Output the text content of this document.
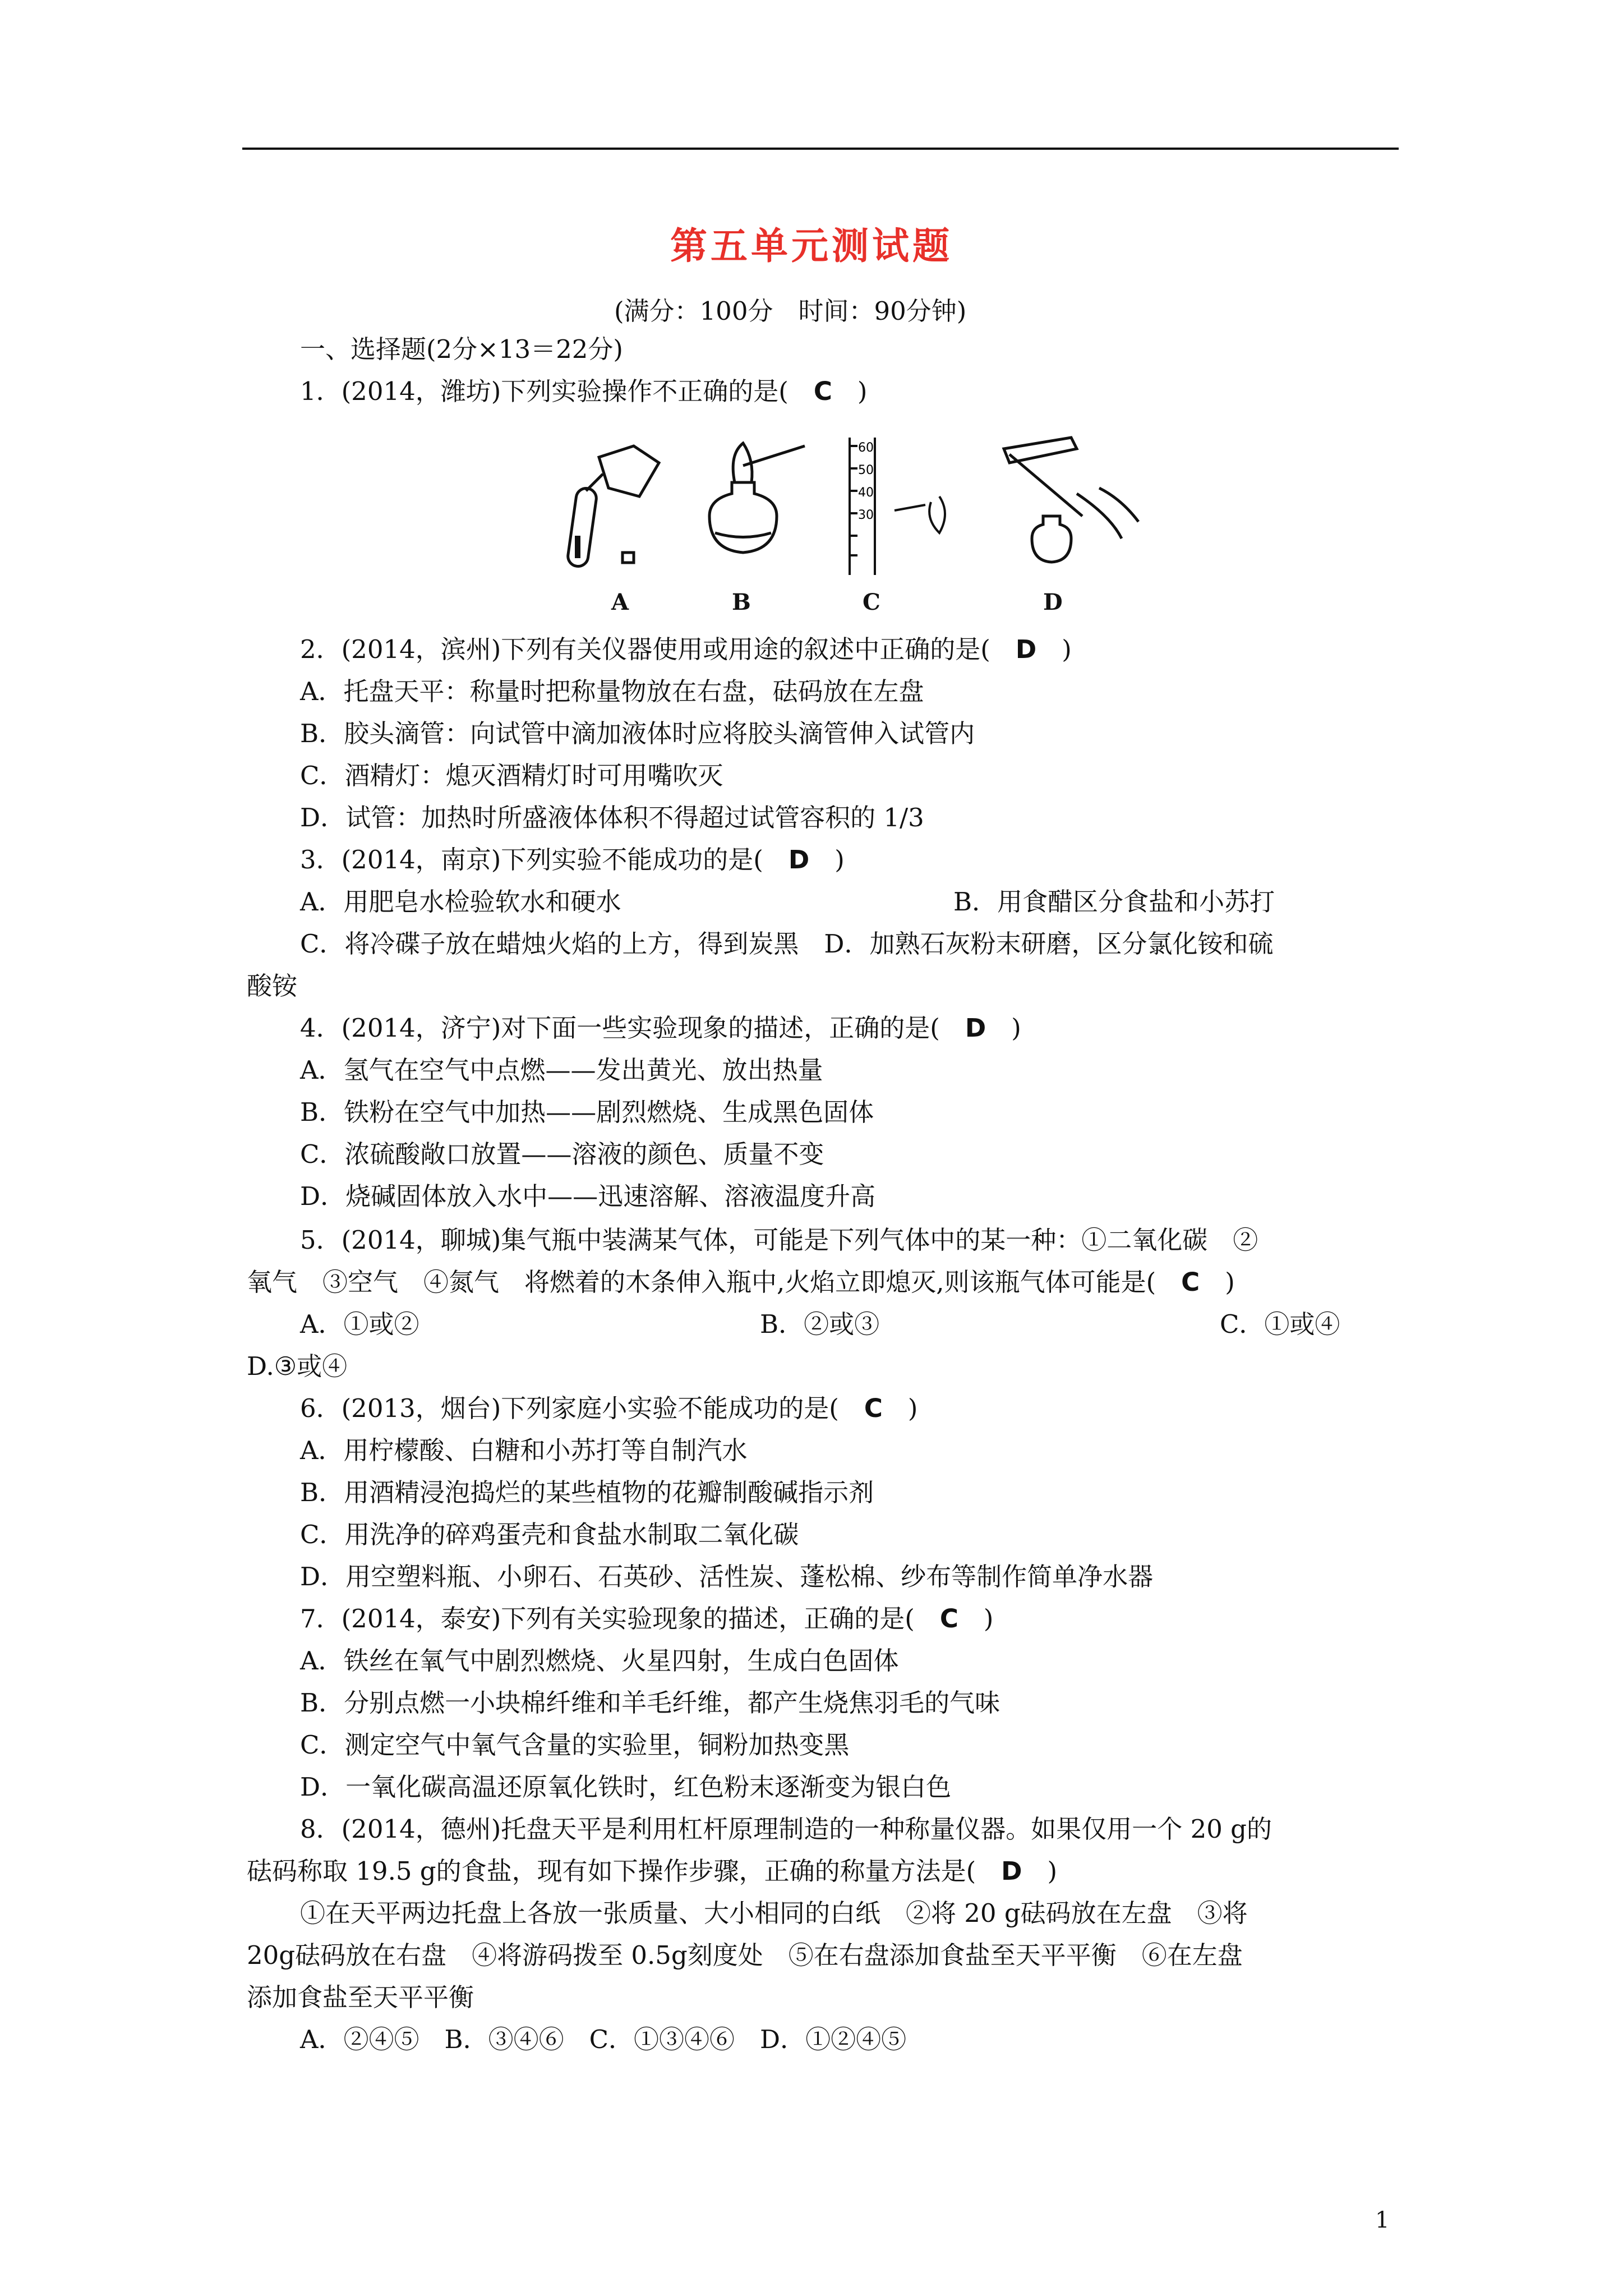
第五单元测试题
(满分：100分　时间：90分钟)
一、选择题(2分×13＝22分)
1．(2014，潍坊)下列实验操作不正确的是(　C　)
60
50
40
30
A	B	C	D
2．(2014，滨州)下列有关仪器使用或用途的叙述中正确的是(　D　)
A．托盘天平：称量时把称量物放在右盘，砝码放在左盘
B．胶头滴管：向试管中滴加液体时应将胶头滴管伸入试管内
C．酒精灯：熄灭酒精灯时可用嘴吹灭
D．试管：加热时所盛液体体积不得超过试管容积的 1/3
3．(2014，南京)下列实验不能成功的是(　D　)
A．用肥皂水检验软水和硬水	B．用食醋区分食盐和小苏打
C．将冷碟子放在蜡烛火焰的上方，得到炭黑　D．加熟石灰粉末研磨，区分氯化铵和硫
酸铵
4．(2014，济宁)对下面一些实验现象的描述，正确的是(　D　)
A．氢气在空气中点燃——发出黄光、放出热量
B．铁粉在空气中加热——剧烈燃烧、生成黑色固体
C．浓硫酸敞口放置——溶液的颜色、质量不变
D．烧碱固体放入水中——迅速溶解、溶液温度升高
5．(2014，聊城)集气瓶中装满某气体，可能是下列气体中的某一种：①二氧化碳　②
氧气　③空气　④氮气　将燃着的木条伸入瓶中,火焰立即熄灭,则该瓶气体可能是(　C　)
A．①或②	B．②或③	C．①或④
D.③或④
6．(2013，烟台)下列家庭小实验不能成功的是(　C　)
A．用柠檬酸、白糖和小苏打等自制汽水
B．用酒精浸泡捣烂的某些植物的花瓣制酸碱指示剂
C．用洗净的碎鸡蛋壳和食盐水制取二氧化碳
D．用空塑料瓶、小卵石、石英砂、活性炭、蓬松棉、纱布等制作简单净水器
7．(2014，泰安)下列有关实验现象的描述，正确的是(　C　)
A．铁丝在氧气中剧烈燃烧、火星四射，生成白色固体
B．分别点燃一小块棉纤维和羊毛纤维，都产生烧焦羽毛的气味
C．测定空气中氧气含量的实验里，铜粉加热变黑
D．一氧化碳高温还原氧化铁时，红色粉末逐渐变为银白色
8．(2014，德州)托盘天平是利用杠杆原理制造的一种称量仪器。如果仅用一个 20 g的
砝码称取 19.5 g的食盐，现有如下操作步骤，正确的称量方法是(　D　)
①在天平两边托盘上各放一张质量、大小相同的白纸　②将 20 g砝码放在左盘　③将
20g砝码放在右盘　④将游码拨至 0.5g刻度处　⑤在右盘添加食盐至天平平衡　⑥在左盘
添加食盐至天平平衡
A．②④⑤　B．③④⑥　C．①③④⑥　D．①②④⑤
1
